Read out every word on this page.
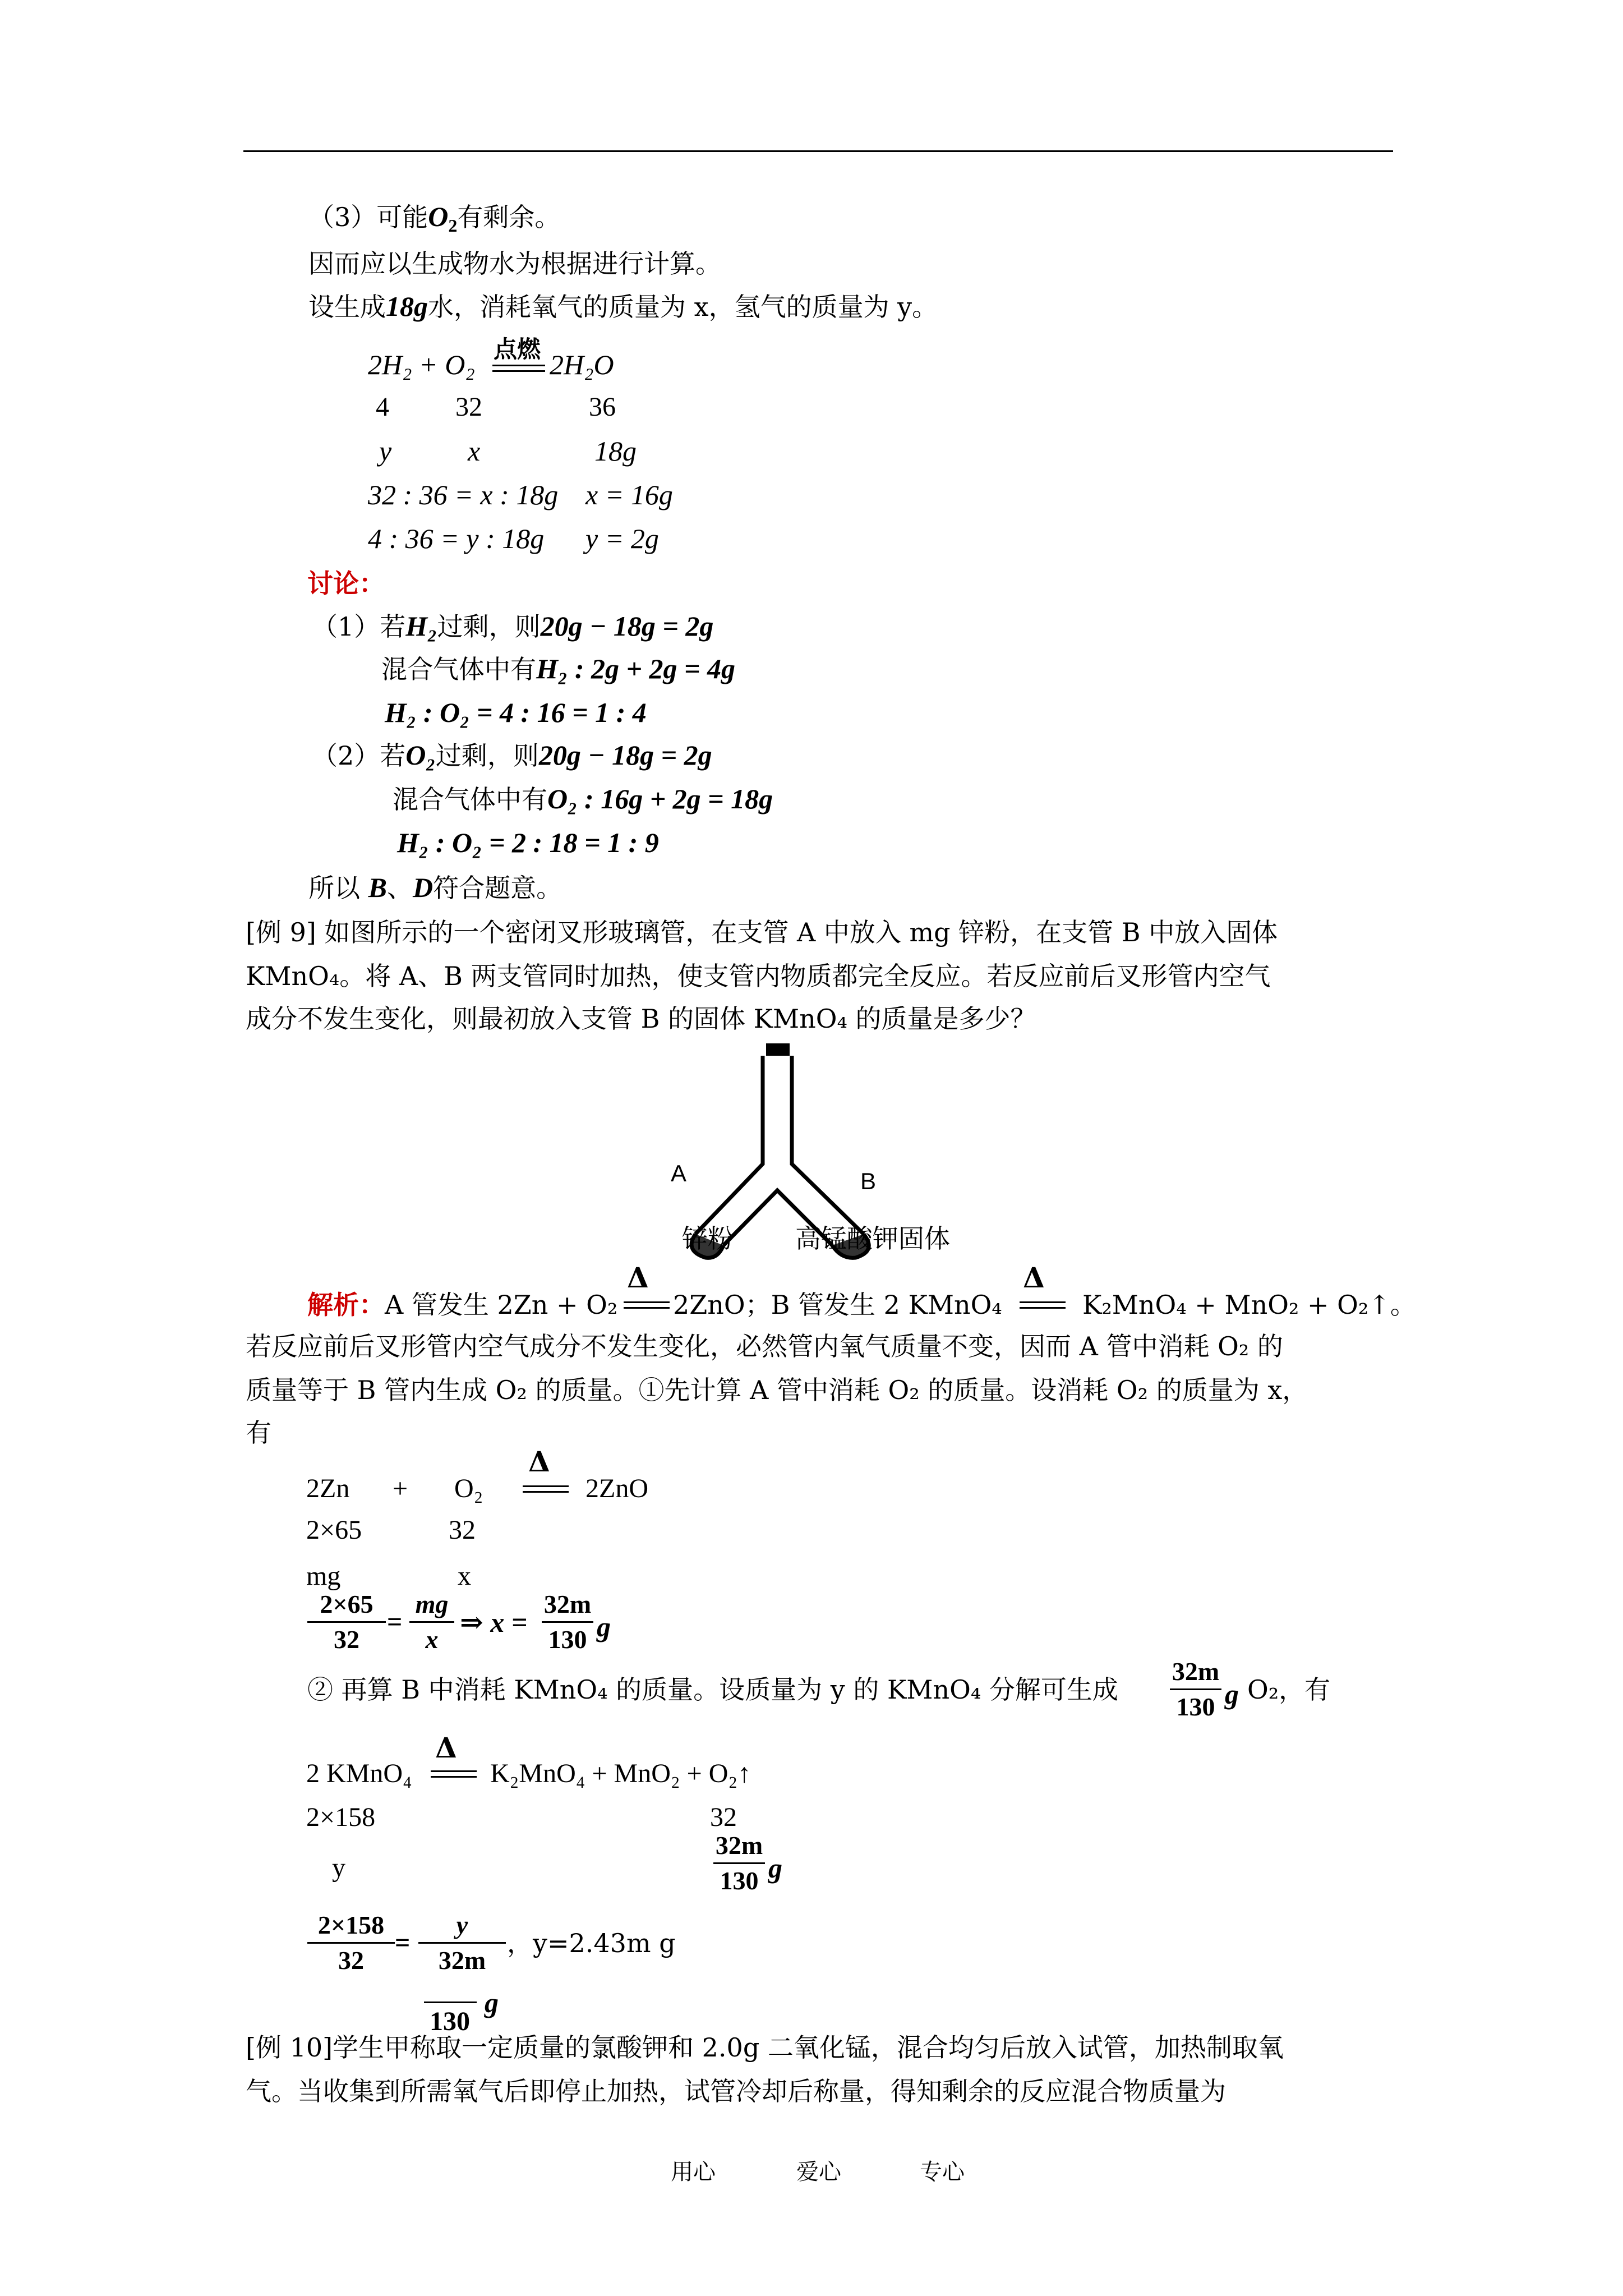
（3）可能$O_2$有剩余。
因而应以生成物水为根据进行计算。
设生成18g水，消耗氧气的质量为 x，氢气的质量为 y。
2H₂ + O₂ 点燃 2H₂O
4 32	36
y	x	18g
32 : 36 = x : 18g x = 16g
4 : 36 = y : 18g y = 2g
讨论：
（1）若H₂过剩，则20g − 18g = 2g
混合气体中有H₂ : 2g + 2g = 4g
H₂ : O₂ = 4 : 16 = 1 : 4
（2）若O₂过剩，则20g − 18g = 2g
混合气体中有O₂ : 16g + 2g = 18g
H₂ : O₂ = 2 : 18 = 1 : 9
所以 B、D符合题意。
[例 9] 如图所示的一个密闭叉形玻璃管，在支管 A 中放入 mg 锌粉，在支管 B 中放入固体
KMnO₄。将 A、B 两支管同时加热，使支管内物质都完全反应。若反应前后叉形管内空气
成分不发生变化，则最初放入支管 B 的固体 KMnO₄ 的质量是多少？
A	B
锌粉 高锰酸钾固体
解析：A 管发生 2Zn + O₂
Δ
2ZnO；B 管发生 2 KMnO₄
Δ
K₂MnO₄ + MnO₂ + O₂↑。
若反应前后叉形管内空气成分不发生变化，必然管内氧气质量不变，因而 A 管中消耗 O₂ 的
质量等于 B 管内生成 O₂ 的质量。①先计算 A 管中消耗 O₂ 的质量。设消耗 O₂ 的质量为 x，
有
2Zn + O₂
Δ
2ZnO
2×65	32
mg	x
2×65
32
=
mg
x
⇒ x =
32m
130 g
② 再算 B 中消耗 KMnO₄ 的质量。设质量为 y 的 KMnO₄ 分解可生成
32m
130 g O₂，有
2 KMnO₄
Δ
K₂MnO₄ + MnO₂ + O₂↑
2×158	32
y
32m
130 g
2×158
32
=
y
32m
130
g
，y=2.43m g
[例 10]学生甲称取一定质量的氯酸钾和 2.0g 二氧化锰，混合均匀后放入试管，加热制取氧
气。当收集到所需氧气后即停止加热，试管冷却后称量，得知剩余的反应混合物质量为
用心	爱心	专心
